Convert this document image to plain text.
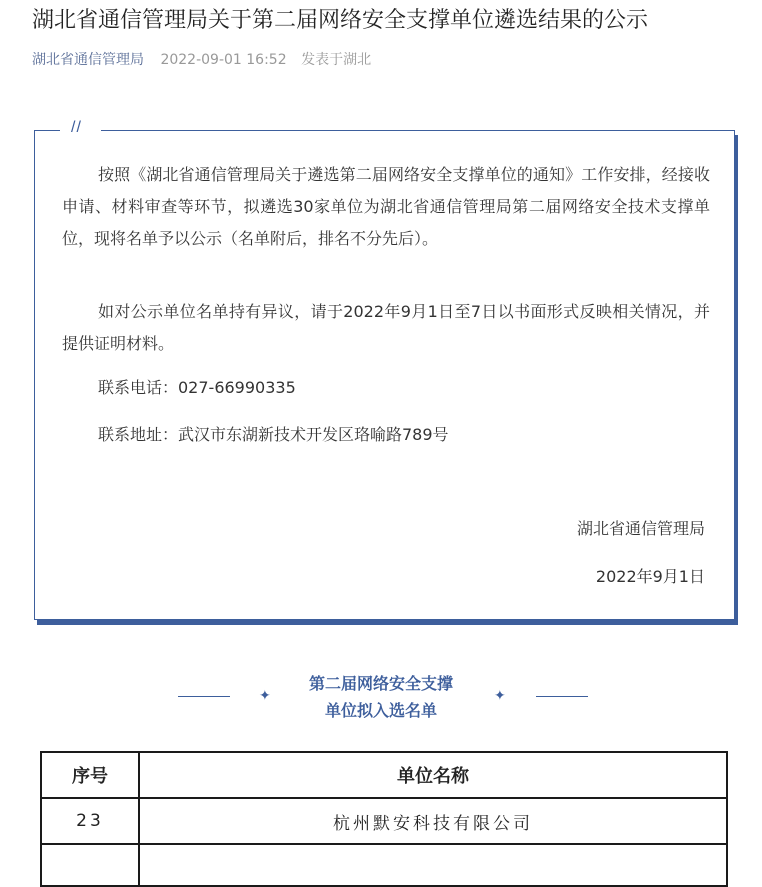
湖北省通信管理局关于第二届网络安全支撑单位遴选结果的公示
湖北省通信管理局 2022-09-01 16:52 发表于湖北
//

按照《湖北省通信管理局关于遴选第二届网络安全支撑单位的通知》工作安排，经接收申请、材料审查等环节，拟遴选30家单位为湖北省通信管理局第二届网络安全技术支撑单位，现将名单予以公示（名单附后，排名不分先后）。

如对公示单位名单持有异议，请于2022年9月1日至7日以书面形式反映相关情况，并提供证明材料。

联系电话：027-66990335
联系地址：武汉市东湖新技术开发区珞喻路789号
湖北省通信管理局
2022年9月1日
✦
第二届网络安全支撑
单位拟入选名单
✦
序号	单位名称
23	杭州默安科技有限公司
